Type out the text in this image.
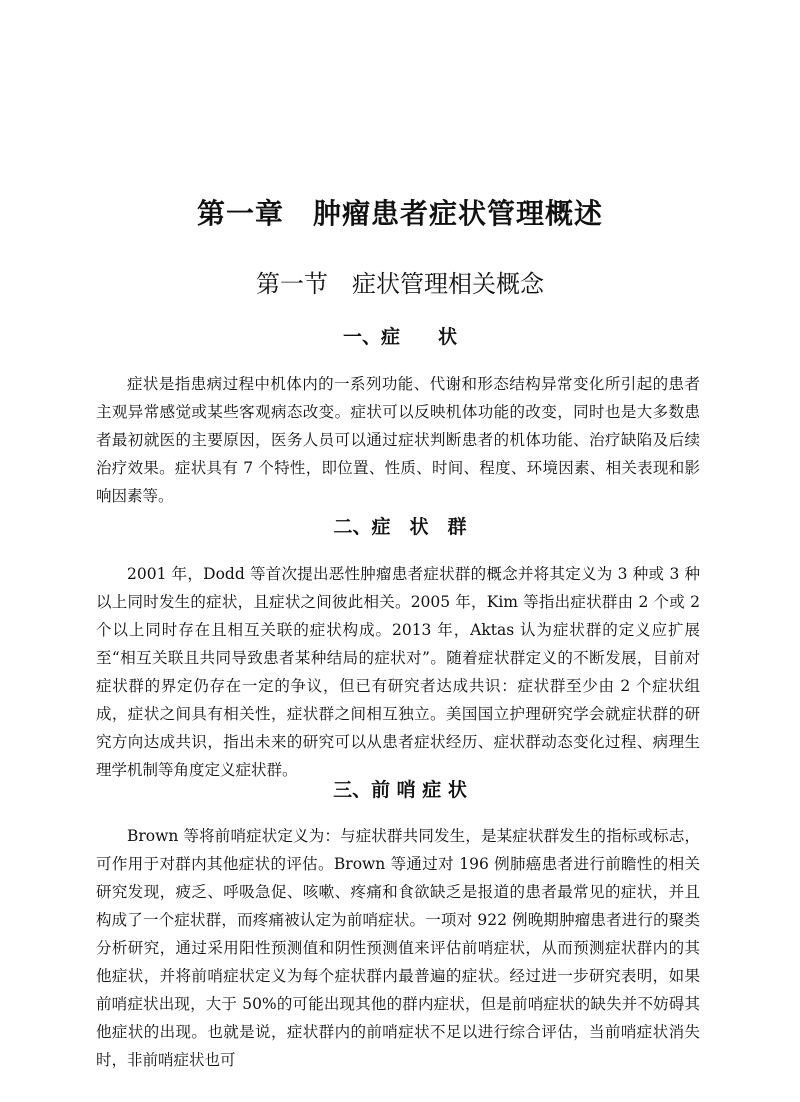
第一章　肿瘤患者症状管理概述
第一节　症状管理相关概念
一、症　　状

症状是指患病过程中机体内的一系列功能、代谢和形态结构异常变化所引起的患者主观异常感觉或某些客观病态改变。症状可以反映机体功能的改变，同时也是大多数患者最初就医的主要原因，医务人员可以通过症状判断患者的机体功能、治疗缺陷及后续治疗效果。症状具有 7 个特性，即位置、性质、时间、程度、环境因素、相关表现和影响因素等。

二、症　状　群

2001 年，Dodd 等首次提出恶性肿瘤患者症状群的概念并将其定义为 3 种或 3 种以上同时发生的症状，且症状之间彼此相关。2005 年，Kim 等指出症状群由 2 个或 2 个以上同时存在且相互关联的症状构成。2013 年，Aktas 认为症状群的定义应扩展至“相互关联且共同导致患者某种结局的症状对”。随着症状群定义的不断发展，目前对症状群的界定仍存在一定的争议，但已有研究者达成共识：症状群至少由 2 个症状组成，症状之间具有相关性，症状群之间相互独立。美国国立护理研究学会就症状群的研究方向达成共识，指出未来的研究可以从患者症状经历、症状群动态变化过程、病理生理学机制等角度定义症状群。

三、前 哨 症 状

Brown 等将前哨症状定义为：与症状群共同发生，是某症状群发生的指标或标志，可作用于对群内其他症状的评估。Brown 等通过对 196 例肺癌患者进行前瞻性的相关研究发现，疲乏、呼吸急促、咳嗽、疼痛和食欲缺乏是报道的患者最常见的症状，并且构成了一个症状群，而疼痛被认定为前哨症状。一项对 922 例晚期肿瘤患者进行的聚类分析研究，通过采用阳性预测值和阴性预测值来评估前哨症状，从而预测症状群内的其他症状，并将前哨症状定义为每个症状群内最普遍的症状。经过进一步研究表明，如果前哨症状出现，大于 50%的可能出现其他的群内症状，但是前哨症状的缺失并不妨碍其他症状的出现。也就是说，症状群内的前哨症状不足以进行综合评估，当前哨症状消失时，非前哨症状也可
